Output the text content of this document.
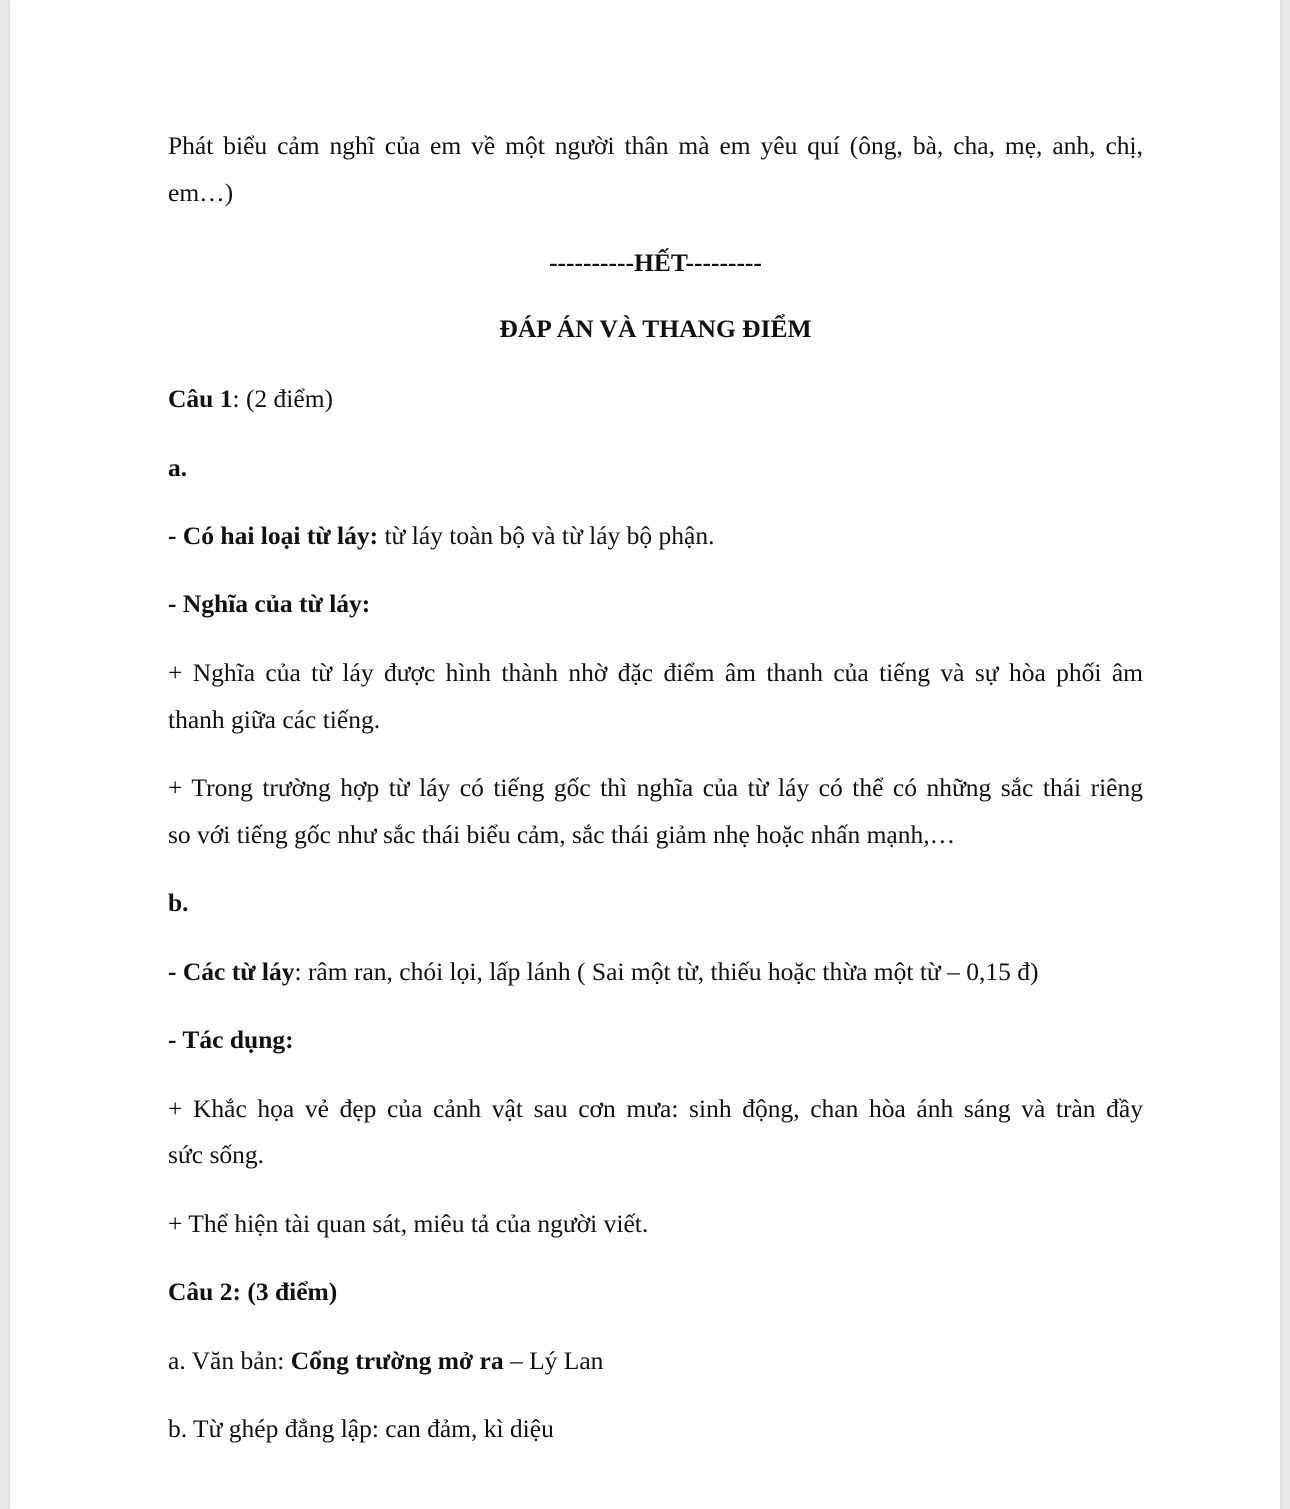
Phát biểu cảm nghĩ của em về một người thân mà em yêu quí (ông, bà, cha, mẹ, anh, chị,
em…)
----------HẾT---------
ĐÁP ÁN VÀ THANG ĐIỂM
Câu 1: (2 điểm)
a.
- Có hai loại từ láy: từ láy toàn bộ và từ láy bộ phận.
- Nghĩa của từ láy:
+ Nghĩa của từ láy được hình thành nhờ đặc điểm âm thanh của tiếng và sự hòa phối âm
thanh giữa các tiếng.
+ Trong trường hợp từ láy có tiếng gốc thì nghĩa của từ láy có thể có những sắc thái riêng
so với tiếng gốc như sắc thái biểu cảm, sắc thái giảm nhẹ hoặc nhấn mạnh,…
b.
- Các từ láy: râm ran, chói lọi, lấp lánh ( Sai một từ, thiếu hoặc thừa một từ – 0,15 đ)
- Tác dụng:
+ Khắc họa vẻ đẹp của cảnh vật sau cơn mưa: sinh động, chan hòa ánh sáng và tràn đầy
sức sống.
+ Thể hiện tài quan sát, miêu tả của người viết.
Câu 2: (3 điểm)
a. Văn bản: Cổng trường mở ra – Lý Lan
b. Từ ghép đẳng lập: can đảm, kì diệu
